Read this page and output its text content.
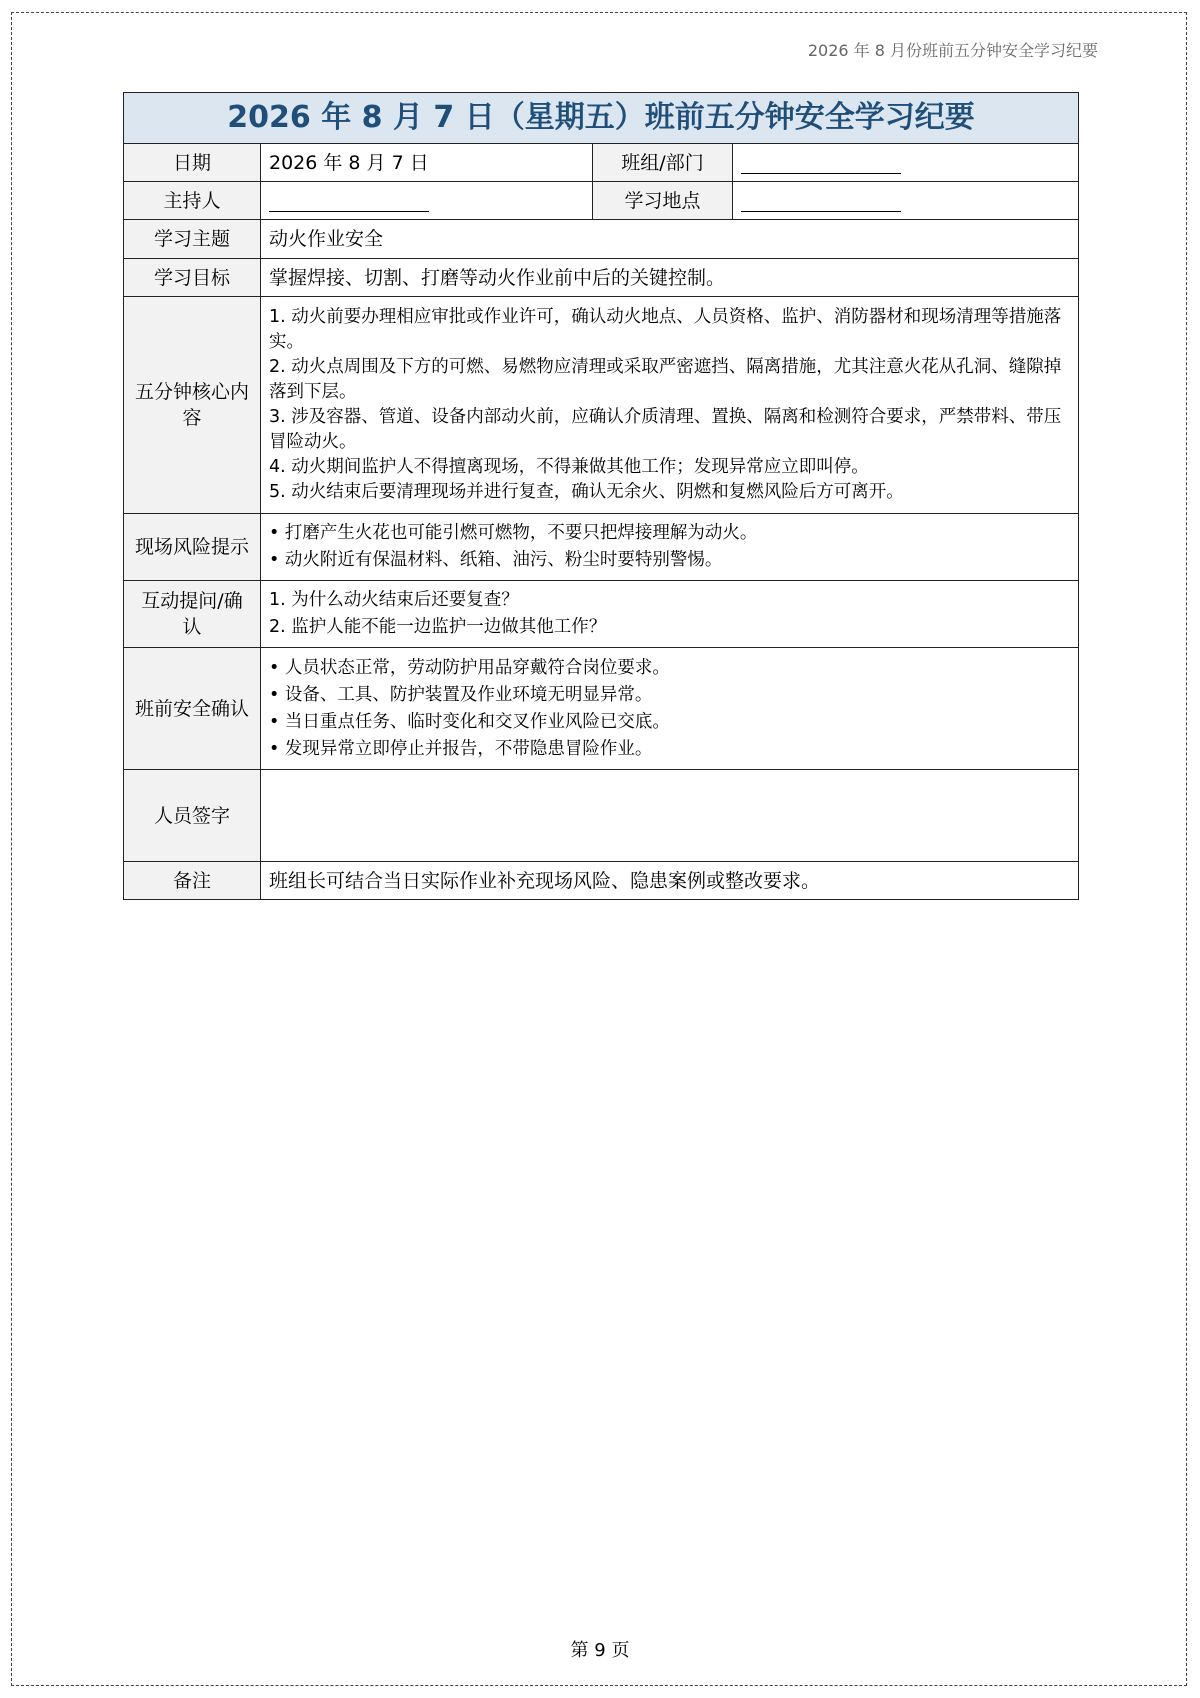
2026 年 8 月份班前五分钟安全学习纪要
2026 年 8 月 7 日（星期五）班前五分钟安全学习纪要			
日期	2026 年 8 月 7 日	班组/部门	
主持人		学习地点	
学习主题	动火作业安全		
学习目标	掌握焊接、切割、打磨等动火作业前中后的关键控制。		
五分钟核心内容	1. 动火前要办理相应审批或作业许可，确认动火地点、人员资格、监护、消防器材和现场清理等措施落实。
2. 动火点周围及下方的可燃、易燃物应清理或采取严密遮挡、隔离措施，尤其注意火花从孔洞、缝隙掉落到下层。
3. 涉及容器、管道、设备内部动火前，应确认介质清理、置换、隔离和检测符合要求，严禁带料、带压冒险动火。
4. 动火期间监护人不得擅离现场，不得兼做其他工作；发现异常应立即叫停。
5. 动火结束后要清理现场并进行复查，确认无余火、阴燃和复燃风险后方可离开。		

现场风险提示	• 打磨产生火花也可能引燃可燃物，不要只把焊接理解为动火。
• 动火附近有保温材料、纸箱、油污、粉尘时要特别警惕。		

互动提问/确认	1. 为什么动火结束后还要复查？
2. 监护人能不能一边监护一边做其他工作？		

班前安全确认	• 人员状态正常，劳动防护用品穿戴符合岗位要求。
• 设备、工具、防护装置及作业环境无明显异常。
• 当日重点任务、临时变化和交叉作业风险已交底。
• 发现异常立即停止并报告，不带隐患冒险作业。		

人员签字			
备注	班组长可结合当日实际作业补充现场风险、隐患案例或整改要求。		
第 9 页
